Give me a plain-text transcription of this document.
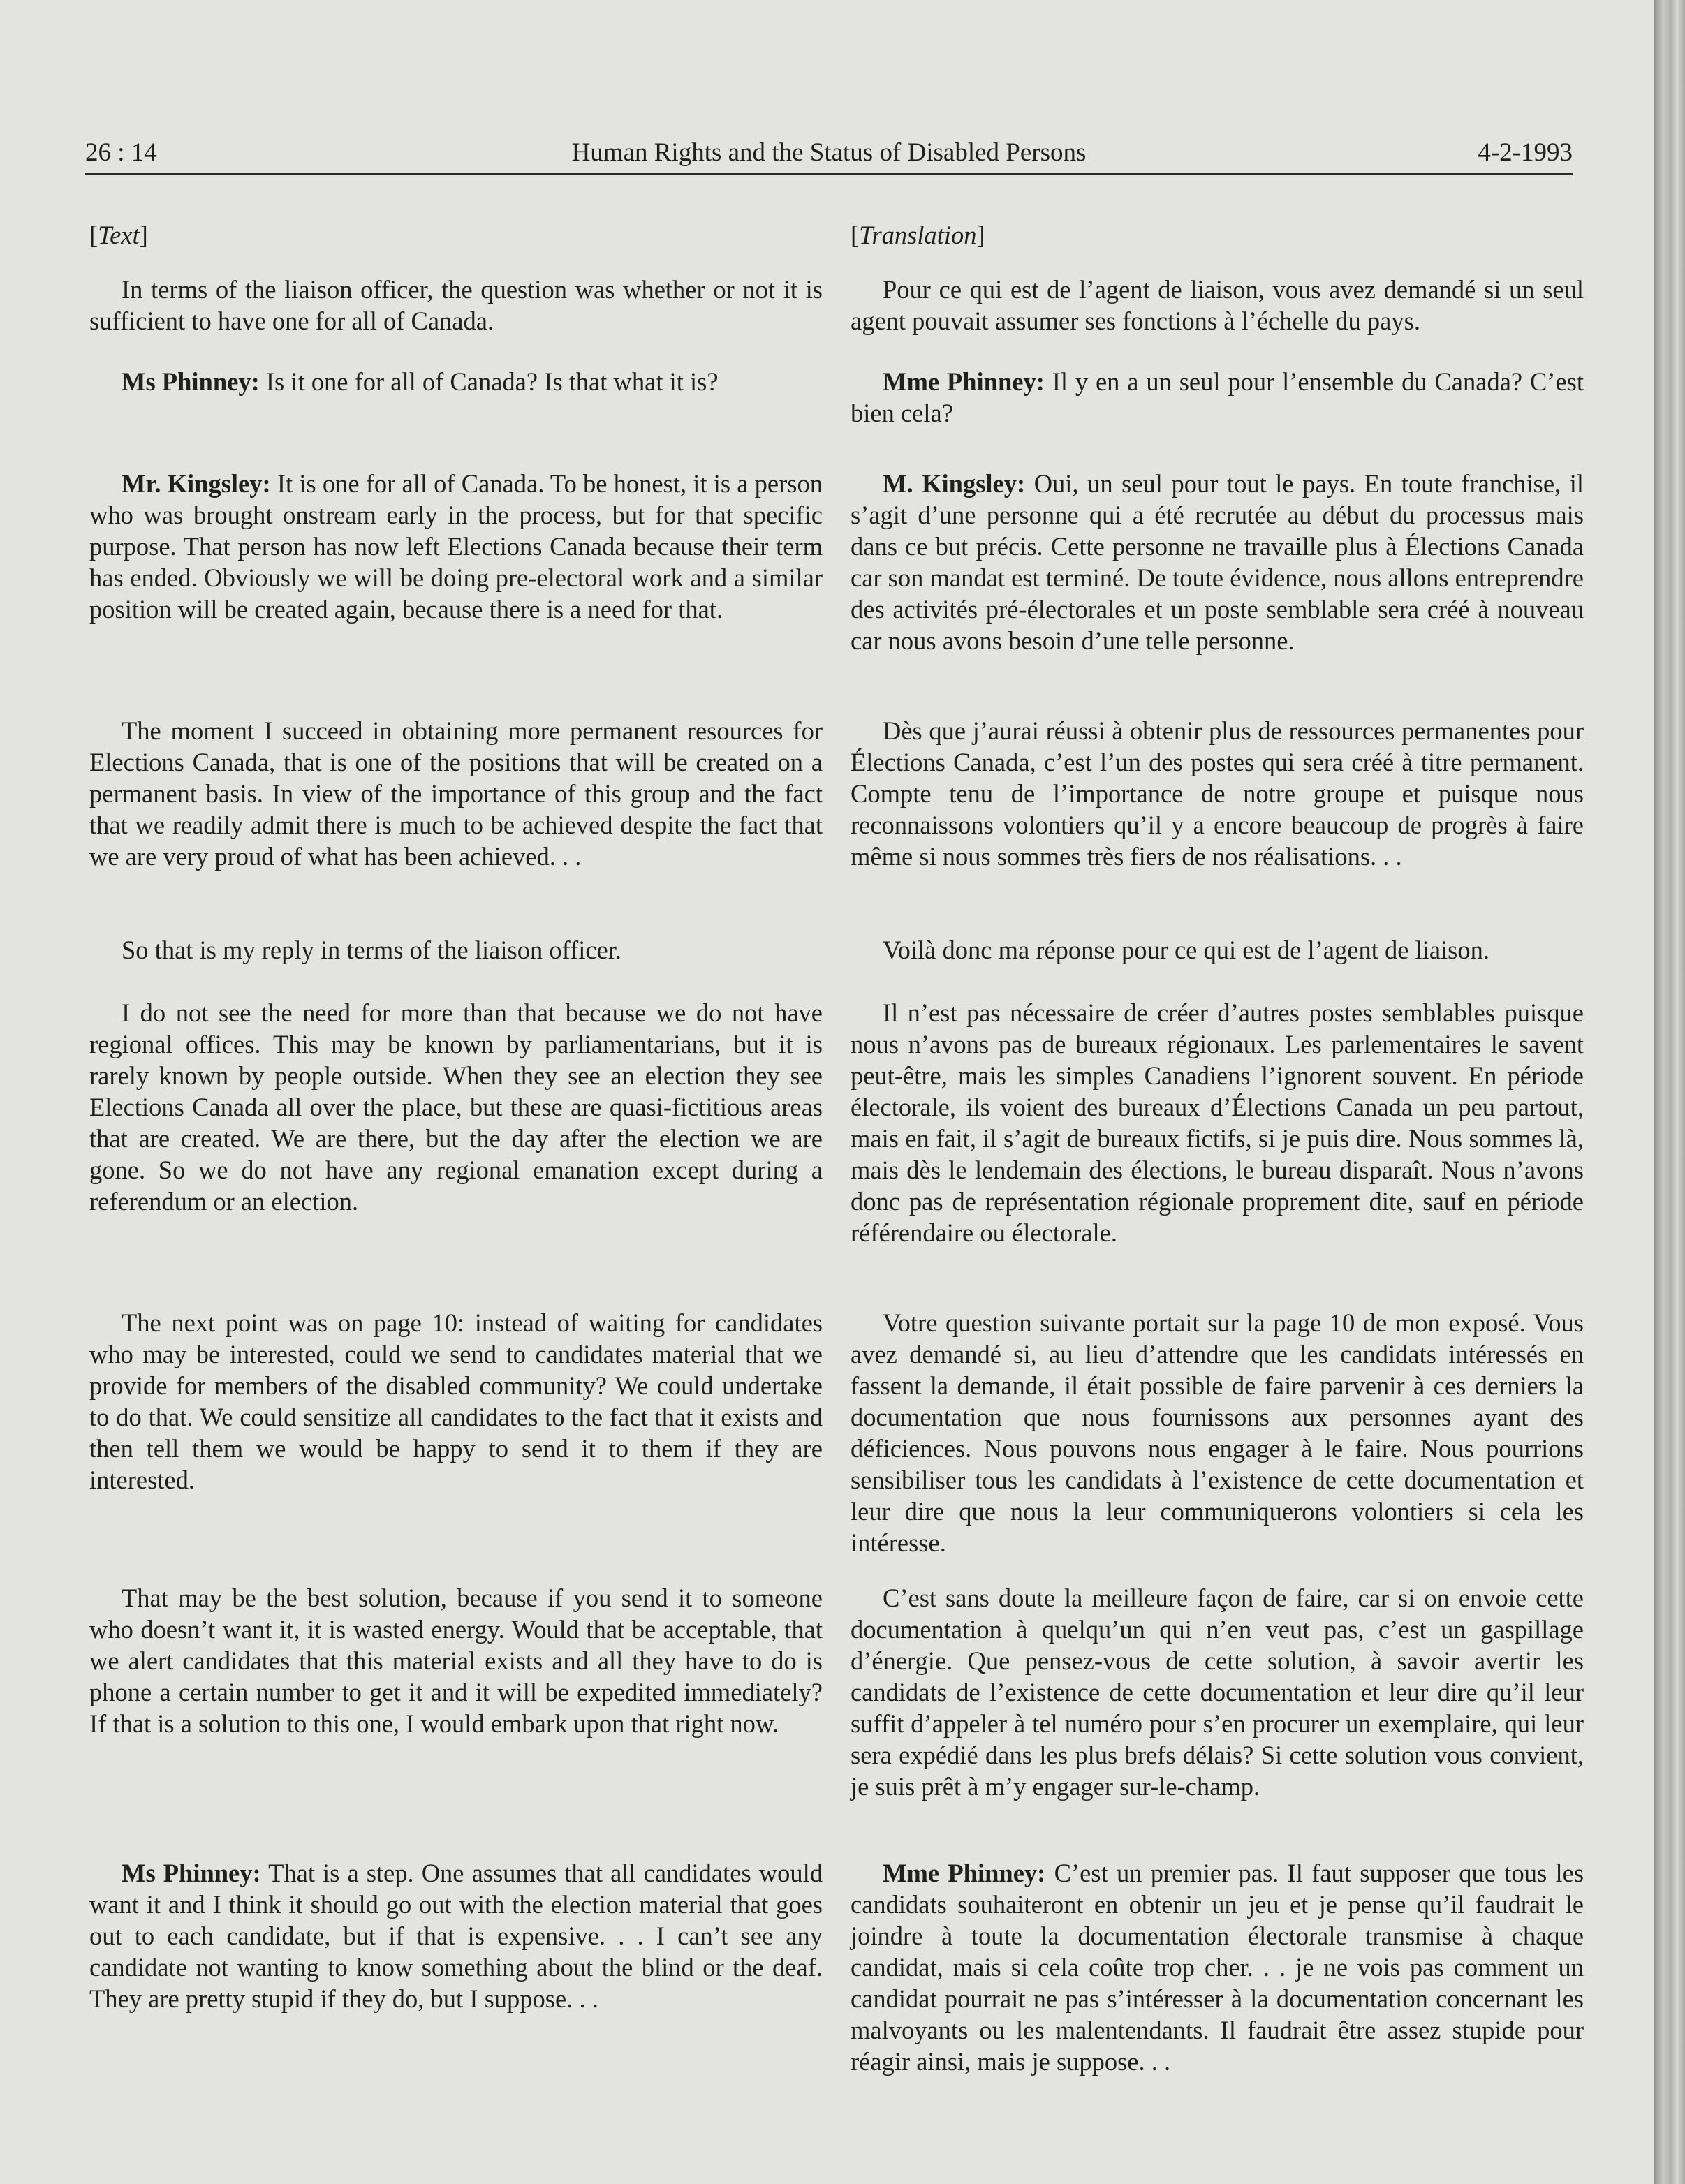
26 : 14	Human Rights and the Status of Disabled Persons	4-2-1993

[Text]

In terms of the liaison officer, the question was whether or not it is sufficient to have one for all of Canada.

Ms Phinney: Is it one for all of Canada? Is that what it is?

Mr. Kingsley: It is one for all of Canada. To be honest, it is a person who was brought onstream early in the process, but for that specific purpose. That person has now left Elections Canada because their term has ended. Obviously we will be doing pre-electoral work and a similar position will be created again, because there is a need for that.

The moment I succeed in obtaining more permanent resources for Elections Canada, that is one of the positions that will be created on a permanent basis. In view of the importance of this group and the fact that we readily admit there is much to be achieved despite the fact that we are very proud of what has been achieved. . .

So that is my reply in terms of the liaison officer.

I do not see the need for more than that because we do not have regional offices. This may be known by parliamentarians, but it is rarely known by people outside. When they see an election they see Elections Canada all over the place, but these are quasi-fictitious areas that are created. We are there, but the day after the election we are gone. So we do not have any regional emanation except during a referendum or an election.

The next point was on page 10: instead of waiting for candidates who may be interested, could we send to candidates material that we provide for members of the disabled community? We could undertake to do that. We could sensitize all candidates to the fact that it exists and then tell them we would be happy to send it to them if they are interested.

That may be the best solution, because if you send it to someone who doesn’t want it, it is wasted energy. Would that be acceptable, that we alert candidates that this material exists and all they have to do is phone a certain number to get it and it will be expedited immediately? If that is a solution to this one, I would embark upon that right now.

Ms Phinney: That is a step. One assumes that all candidates would want it and I think it should go out with the election material that goes out to each candidate, but if that is expensive. . . I can’t see any candidate not wanting to know something about the blind or the deaf. They are pretty stupid if they do, but I suppose. . .

[Translation]

Pour ce qui est de l’agent de liaison, vous avez demandé si un seul agent pouvait assumer ses fonctions à l’échelle du pays.

Mme Phinney: Il y en a un seul pour l’ensemble du Canada? C’est bien cela?

M. Kingsley: Oui, un seul pour tout le pays. En toute franchise, il s’agit d’une personne qui a été recrutée au début du processus mais dans ce but précis. Cette personne ne travaille plus à Élections Canada car son mandat est terminé. De toute évidence, nous allons entreprendre des activités pré-électorales et un poste semblable sera créé à nouveau car nous avons besoin d’une telle personne.

Dès que j’aurai réussi à obtenir plus de ressources permanentes pour Élections Canada, c’est l’un des postes qui sera créé à titre permanent. Compte tenu de l’importance de notre groupe et puisque nous reconnaissons volontiers qu’il y a encore beaucoup de progrès à faire même si nous sommes très fiers de nos réalisations. . .

Voilà donc ma réponse pour ce qui est de l’agent de liaison.

Il n’est pas nécessaire de créer d’autres postes semblables puisque nous n’avons pas de bureaux régionaux. Les parlementaires le savent peut-être, mais les simples Canadiens l’ignorent souvent. En période électorale, ils voient des bureaux d’Élections Canada un peu partout, mais en fait, il s’agit de bureaux fictifs, si je puis dire. Nous sommes là, mais dès le lendemain des élections, le bureau disparaît. Nous n’avons donc pas de représentation régionale proprement dite, sauf en période référendaire ou électorale.

Votre question suivante portait sur la page 10 de mon exposé. Vous avez demandé si, au lieu d’attendre que les candidats intéressés en fassent la demande, il était possible de faire parvenir à ces derniers la documentation que nous fournissons aux personnes ayant des déficiences. Nous pouvons nous engager à le faire. Nous pourrions sensibiliser tous les candidats à l’existence de cette documentation et leur dire que nous la leur communiquerons volontiers si cela les intéresse.

C’est sans doute la meilleure façon de faire, car si on envoie cette documentation à quelqu’un qui n’en veut pas, c’est un gaspillage d’énergie. Que pensez-vous de cette solution, à savoir avertir les candidats de l’existence de cette documentation et leur dire qu’il leur suffit d’appeler à tel numéro pour s’en procurer un exemplaire, qui leur sera expédié dans les plus brefs délais? Si cette solution vous convient, je suis prêt à m’y engager sur-le-champ.

Mme Phinney: C’est un premier pas. Il faut supposer que tous les candidats souhaiteront en obtenir un jeu et je pense qu’il faudrait le joindre à toute la documentation électorale transmise à chaque candidat, mais si cela coûte trop cher. . . je ne vois pas comment un candidat pourrait ne pas s’intéresser à la documentation concernant les malvoyants ou les malentendants. Il faudrait être assez stupide pour réagir ainsi, mais je suppose. . .
